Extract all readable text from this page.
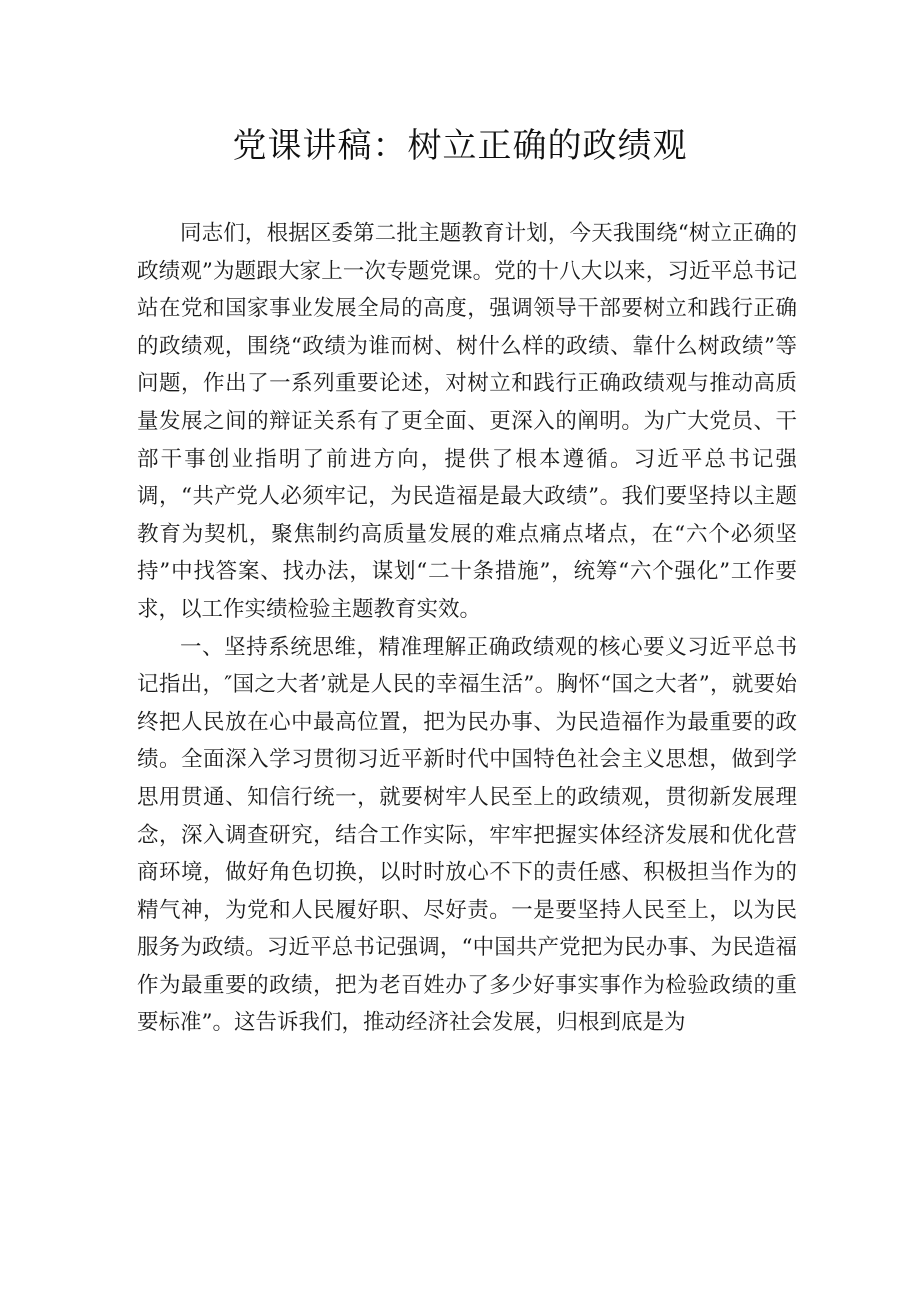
党课讲稿：树立正确的政绩观

同志们，根据区委第二批主题教育计划，今天我围绕“树立正确的政绩观”为题跟大家上一次专题党课。党的十八大以来，习近平总书记站在党和国家事业发展全局的高度，强调领导干部要树立和践行正确的政绩观，围绕“政绩为谁而树、树什么样的政绩、靠什么树政绩”等问题，作出了一系列重要论述，对树立和践行正确政绩观与推动高质量发展之间的辩证关系有了更全面、更深入的阐明。为广大党员、干部干事创业指明了前进方向，提供了根本遵循。习近平总书记强调，“共产党人必须牢记，为民造福是最大政绩”。我们要坚持以主题教育为契机，聚焦制约高质量发展的难点痛点堵点，在“六个必须坚持”中找答案、找办法，谋划“二十条措施”，统筹“六个强化”工作要求，以工作实绩检验主题教育实效。

一、坚持系统思维，精准理解正确政绩观的核心要义习近平总书记指出，″国之大者’就是人民的幸福生活”。胸怀“国之大者”，就要始终把人民放在心中最高位置，把为民办事、为民造福作为最重要的政绩。全面深入学习贯彻习近平新时代中国特色社会主义思想，做到学思用贯通、知信行统一，就要树牢人民至上的政绩观，贯彻新发展理念，深入调查研究，结合工作实际，牢牢把握实体经济发展和优化营商环境，做好角色切换，以时时放心不下的责任感、积极担当作为的精气神，为党和人民履好职、尽好责。一是要坚持人民至上，以为民服务为政绩。习近平总书记强调，“中国共产党把为民办事、为民造福作为最重要的政绩，把为老百姓办了多少好事实事作为检验政绩的重要标准”。这告诉我们，推动经济社会发展，归根到底是为
